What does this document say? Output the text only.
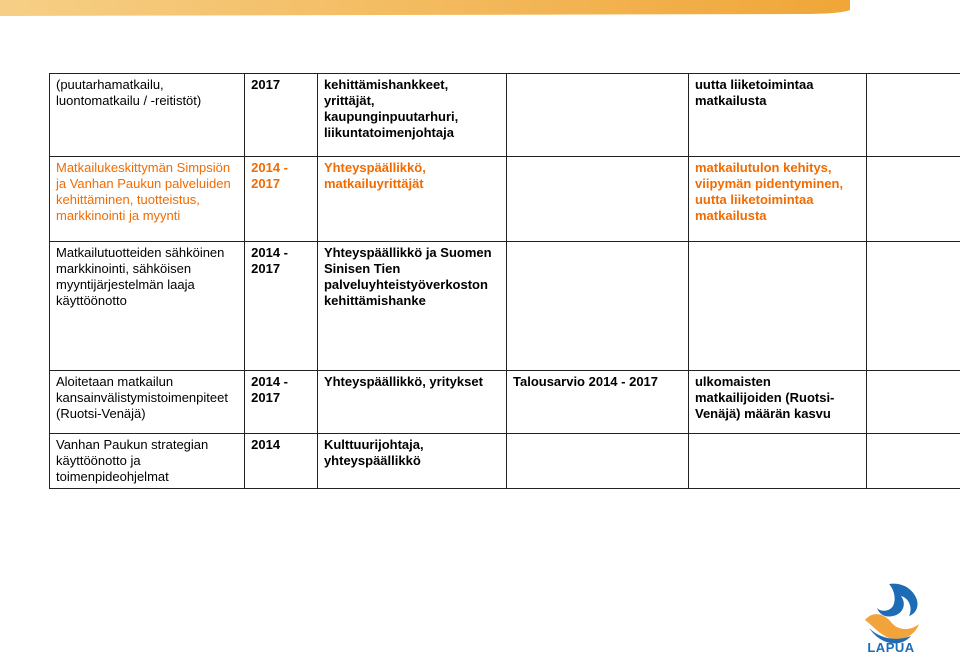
(puutarhamatkailu, luontomatkailu / -reitistöt)	2017	kehittämishankkeet, yrittäjät, kaupunginpuutarhuri, liikuntatoimenjohtaja		uutta liiketoimintaa matkailusta	
Matkailukeskittymän Simpsiön ja Vanhan Paukun palveluiden kehittäminen, tuotteistus, markkinointi ja myynti	2014 - 2017	Yhteyspäällikkö, matkailuyrittäjät		matkailutulon kehitys, viipymän pidentyminen, uutta liiketoimintaa matkailusta	
Matkailutuotteiden sähköinen markkinointi, sähköisen myyntijärjestelmän laaja käyttöönotto	2014 - 2017	Yhteyspäällikkö ja Suomen Sinisen Tien palveluyhteistyöverkoston kehittämishanke			
Aloitetaan matkailun kansainvälistymistoimenpiteet (Ruotsi-Venäjä)	2014 - 2017	Yhteyspäällikkö, yritykset	Talousarvio 2014 - 2017	ulkomaisten matkailijoiden (Ruotsi-Venäjä) määrän kasvu	
Vanhan Paukun strategian käyttöönotto ja toimenpideohjelmat	2014	Kulttuurijohtaja, yhteyspäällikkö			
LAPUA
